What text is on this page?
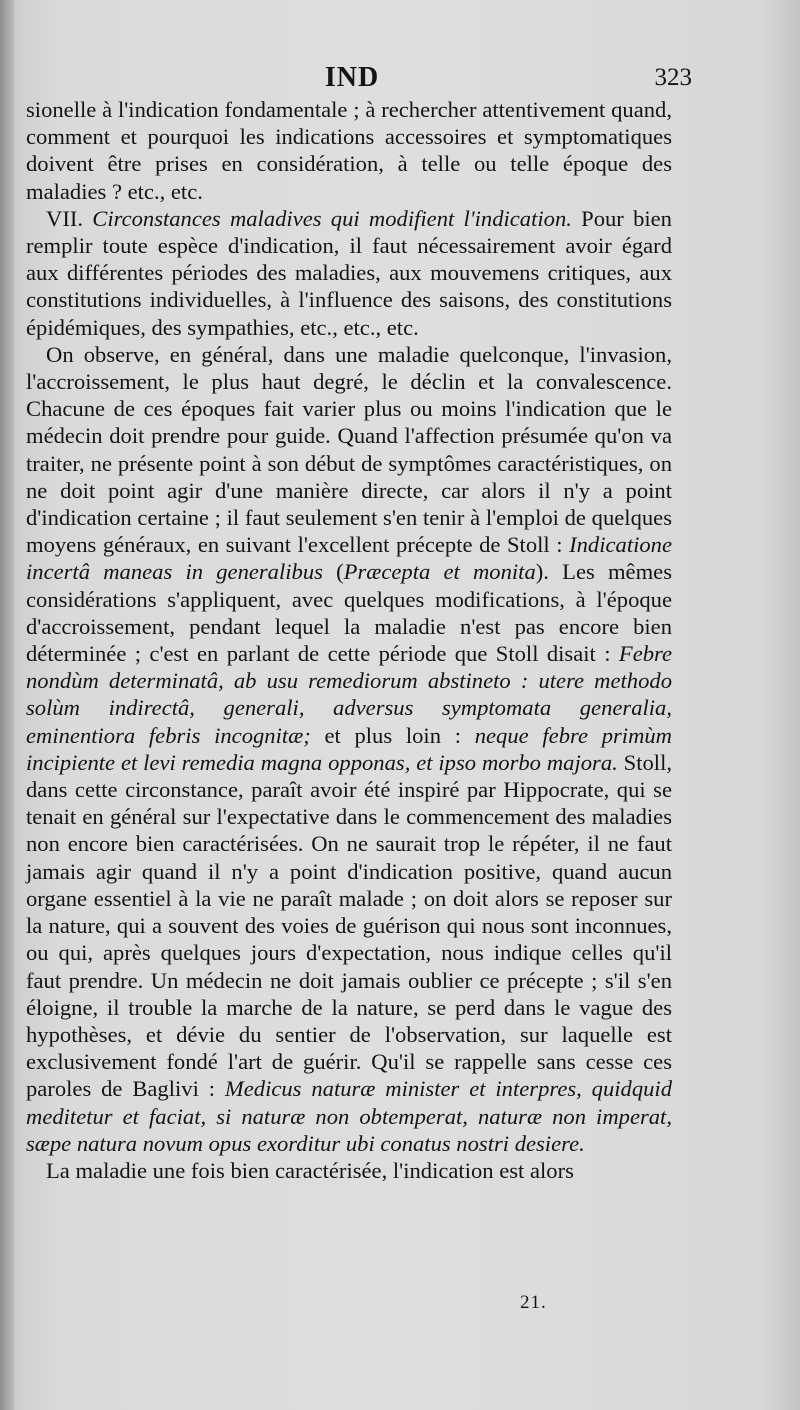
IND	323

sionelle à l'indication fondamentale ; à rechercher attentivement quand, comment et pourquoi les indications accessoires et symptomatiques doivent être prises en considération, à telle ou telle époque des maladies ? etc., etc.

VII. Circonstances maladives qui modifient l'indication. Pour bien remplir toute espèce d'indication, il faut nécessairement avoir égard aux différentes périodes des maladies, aux mouvemens critiques, aux constitutions individuelles, à l'influence des saisons, des constitutions épidémiques, des sympathies, etc., etc., etc.

On observe, en général, dans une maladie quelconque, l'invasion, l'accroissement, le plus haut degré, le déclin et la convalescence. Chacune de ces époques fait varier plus ou moins l'indication que le médecin doit prendre pour guide. Quand l'affection présumée qu'on va traiter, ne présente point à son début de symptômes caractéristiques, on ne doit point agir d'une manière directe, car alors il n'y a point d'indication certaine ; il faut seulement s'en tenir à l'emploi de quelques moyens généraux, en suivant l'excellent précepte de Stoll : Indicatione incertâ maneas in generalibus (Præcepta et monita). Les mêmes considérations s'appliquent, avec quelques modifications, à l'époque d'accroissement, pendant lequel la maladie n'est pas encore bien déterminée ; c'est en parlant de cette période que Stoll disait : Febre nondùm determinatâ, ab usu remediorum abstineto : utere methodo solùm indirectâ, generali, adversus symptomata generalia, eminentiora febris incognitæ; et plus loin : neque febre primùm incipiente et levi remedia magna opponas, et ipso morbo majora. Stoll, dans cette circonstance, paraît avoir été inspiré par Hippocrate, qui se tenait en général sur l'expectative dans le commencement des maladies non encore bien caractérisées. On ne saurait trop le répéter, il ne faut jamais agir quand il n'y a point d'indication positive, quand aucun organe essentiel à la vie ne paraît malade ; on doit alors se reposer sur la nature, qui a souvent des voies de guérison qui nous sont inconnues, ou qui, après quelques jours d'expectation, nous indique celles qu'il faut prendre. Un médecin ne doit jamais oublier ce précepte ; s'il s'en éloigne, il trouble la marche de la nature, se perd dans le vague des hypothèses, et dévie du sentier de l'observation, sur laquelle est exclusivement fondé l'art de guérir. Qu'il se rappelle sans cesse ces paroles de Baglivi : Medicus naturæ minister et interpres, quidquid meditetur et faciat, si naturæ non obtemperat, naturæ non imperat, sæpe natura novum opus exorditur ubi conatus nostri desiere.

La maladie une fois bien caractérisée, l'indication est alors

21.
